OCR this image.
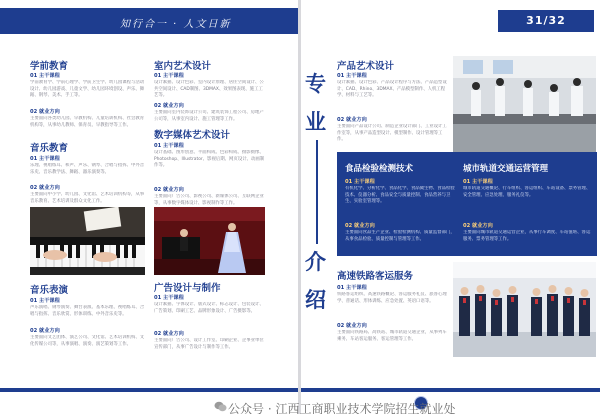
知行合一 · 人文日新
学前教育
01 主干课程
学前教育学、学前心理学、学前卫生学、幼儿园课程与活动设计、幼儿园游戏、儿童文学、幼儿园环境创设、声乐、舞蹈、钢琴、美术、手工等。
02 就业方向
主要面向各类幼儿园、早教机构、儿童培训机构、社会教育机构等，从事幼儿教师、保育员、早教指导等工作。
音乐教育
01 主干课程
乐理、视唱练耳、和声、声乐、钢琴、合唱与指挥、中外音乐史、音乐教学法、舞蹈、器乐演奏等。
02 就业方向
主要面向中小学、幼儿园、文化馆、艺术培训机构等，从事音乐教育、艺术培训及群众文化工作。
音乐表演
01 主干课程
声乐演唱、钢琴演奏、舞台表演、基本乐理、视唱练耳、合唱与指挥、音乐欣赏、形体训练、中外音乐史等。
02 就业方向
主要面向文艺团体、演艺公司、文化馆、艺术培训机构、文化传媒公司等，从事演唱、演奏、演艺策划等工作。
室内艺术设计
01 主干课程
设计素描、设计色彩、室内设计原理、居住空间设计、公共空间设计、CAD制图、3DMAX、效果图表现、施工工艺等。
02 就业方向
主要面向室内装饰设计公司、建筑装饰工程公司、房地产公司等，从事室内设计、施工管理等工作。
数字媒体艺术设计
01 主干课程
设计基础、图形创意、平面构成、色彩构成、摄影摄像、Photoshop、Illustrator、影视后期、网页设计、动画制作等。
02 就业方向
主要面向广告公司、影视公司、新媒体公司、互联网企业等，从事数字媒体设计、影视制作等工作。
广告设计与制作
01 主干课程
设计素描、字体设计、版式设计、标志设计、包装设计、广告策划、印刷工艺、品牌形象设计、广告摄影等。
02 就业方向
主要面向广告公司、设计工作室、印刷企业、企事业单位宣传部门，从事广告设计与制作等工作。
31/32
专
业
介
绍
产品艺术设计
01 主干课程
设计素描、设计色彩、产品设计程序与方法、产品造型设计、CAD、Rhino、3DMAX、产品模型制作、人机工程学、材料与工艺等。
02 就业方向
主要面向产品设计公司、制造企业设计部门、工业设计工作室等，从事产品造型设计、模型制作、设计管理等工作。
食品检验检测技术
01 主干课程
有机化学、分析化学、食品化学、食品微生物、食品检验技术、仪器分析、食品安全与质量控制、食品营养与卫生、实验室管理等。
02 就业方向
主要面向食品生产企业、检验检测机构、质量监督部门，从事食品检验、质量控制与管理等工作。
城市轨道交通运营管理
01 主干课程
城市轨道交通概论、行车组织、客运组织、车站设备、票务管理、安全管理、应急处理、服务礼仪等。
02 就业方向
主要面向城市轨道交通运营企业，从事行车调度、车站值班、客运服务、票务管理等工作。
高速铁路客运服务
01 主干课程
铁路客运组织、高速铁路概论、客运服务礼仪、旅客心理学、普通话、形体训练、应急处置、英语口语等。
02 就业方向
主要面向铁路局、高铁站、城市轨道交通企业，从事列车乘务、车站客运服务、客运管理等工作。
公众号 · 江西工商职业技术学院招生就业处
